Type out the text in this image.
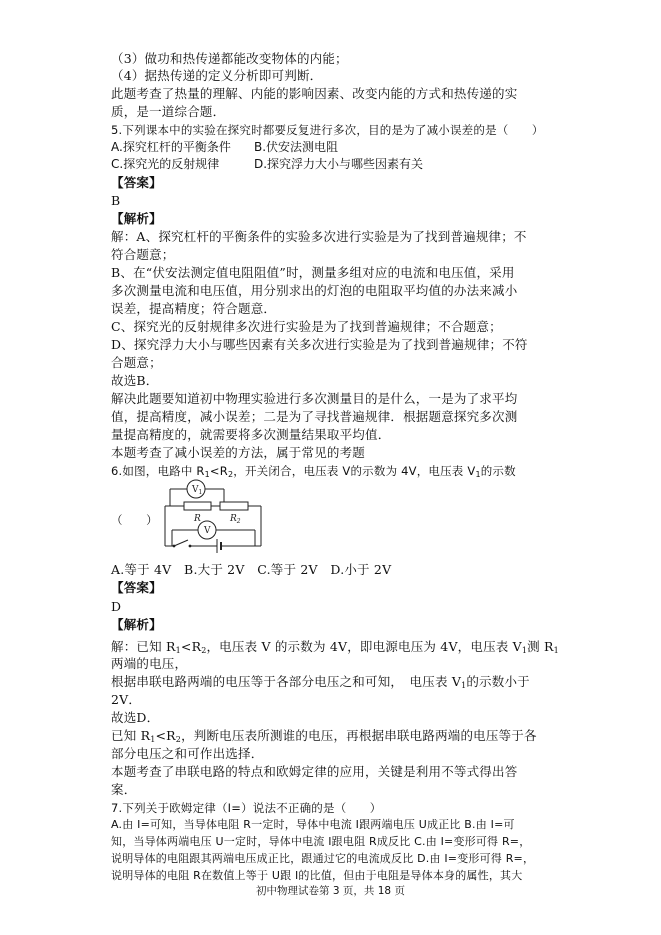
（3）做功和热传递都能改变物体的内能；
（4）据热传递的定义分析即可判断．
此题考查了热量的理解、内能的影响因素、改变内能的方式和热传递的实
质，是一道综合题．
5.下列课本中的实验在探究时都要反复进行多次，目的是为了减小误差的是（　　）
A.探究杠杆的平衡条件 B.伏安法测电阻
C.探究光的反射规律	D.探究浮力大小与哪些因素有关
【答案】
B
【解析】
解：A、探究杠杆的平衡条件的实验多次进行实验是为了找到普遍规律；不
符合题意；
B、在“伏安法测定值电阻阻值”时，测量多组对应的电流和电压值，采用
多次测量电流和电压值，用分别求出的灯泡的电阻取平均值的办法来减小
误差，提高精度；符合题意．
C、探究光的反射规律多次进行实验是为了找到普遍规律；不合题意；
D、探究浮力大小与哪些因素有关多次进行实验是为了找到普遍规律；不符
合题意；
故选B．
解决此题要知道初中物理实验进行多次测量目的是什么，一是为了求平均
值，提高精度，减小误差；二是为了寻找普遍规律．根据题意探究多次测
量提高精度的，就需要将多次测量结果取平均值．
本题考查了减小误差的方法，属于常见的考题
6.如图，电路中 $R_1<R_2$，开关闭合，电压表 V的示数为 4V，电压表 $V_1$的示数
（　　）
$V_1$
V
R	$R_2$
A.等于 4V　B.大于 2V　C.等于 2V　D.小于 2V
【答案】
D
【解析】
解：已知 $R_1<R_2$，电压表 V 的示数为 4V，即电源电压为 4V，电压表 $V_1$测 $R_1$
两端的电压，
根据串联电路两端的电压等于各部分电压之和可知，　电压表 $V_1$的示数小于
2V．
故选D．
已知 $R_1<R_2$，判断电压表所测谁的电压，再根据串联电路两端的电压等于各
部分电压之和可作出选择．
本题考查了串联电路的特点和欧姆定律的应用，关键是利用不等式得出答
案．
7.下列关于欧姆定律（I=）说法不正确的是（　　）
A.由 I=可知，当导体电阻 R一定时，导体中电流 I跟两端电压 U成正比 B.由 I=可
知，当导体两端电压 U一定时，导体中电流 I跟电阻 R成反比 C.由 I=变形可得 R=，
说明导体的电阻跟其两端电压成正比，跟通过它的电流成反比 D.由 I=变形可得 R=，
说明导体的电阻 R在数值上等于 U跟 I的比值，但由于电阻是导体本身的属性，其大
初中物理试卷第 3 页，共 18 页
